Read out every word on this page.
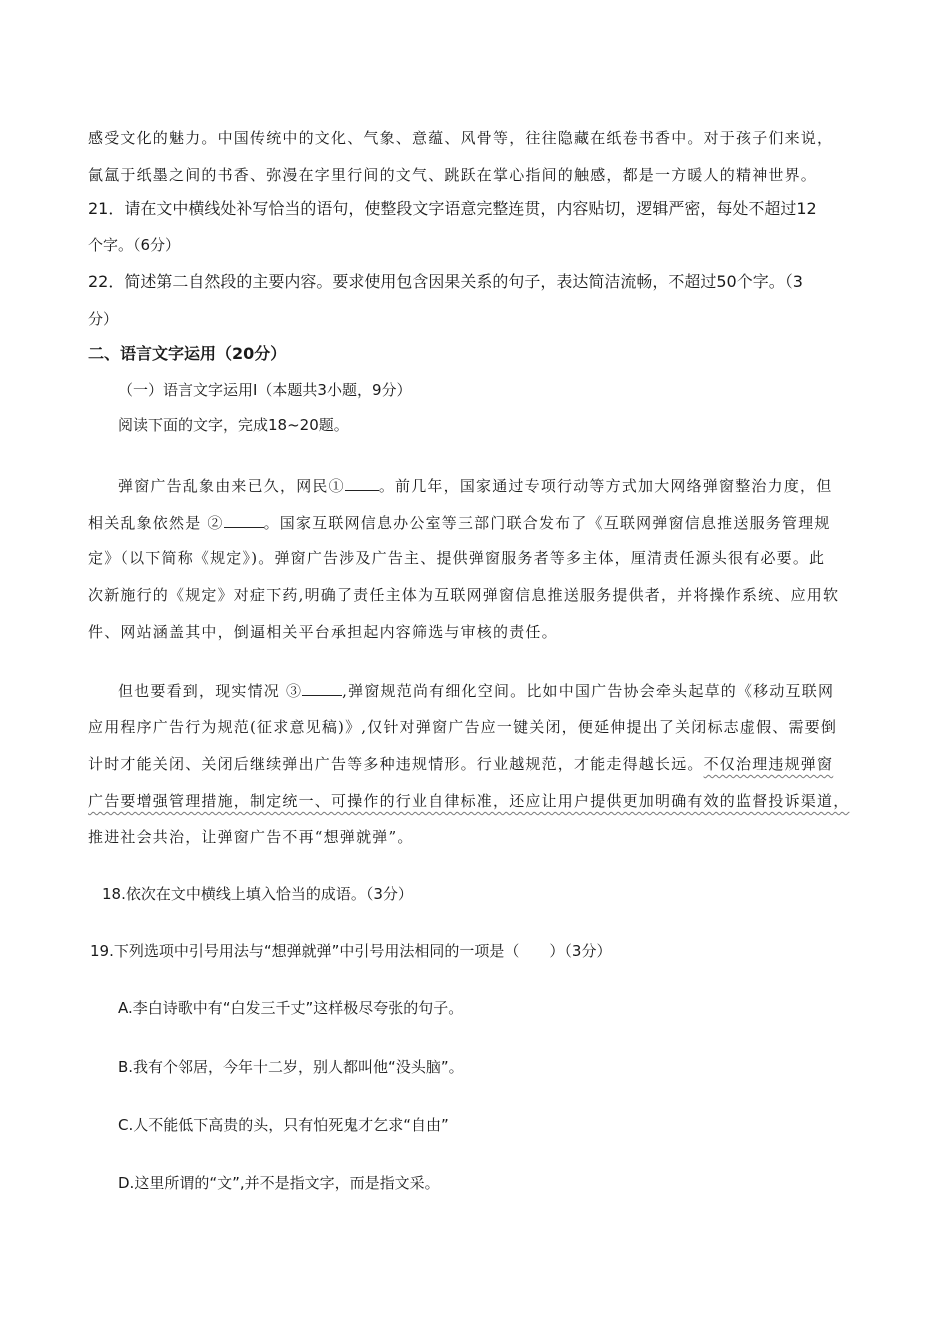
感受文化的魅力。中国传统中的文化、气象、意蕴、风骨等，往往隐藏在纸卷书香中。对于孩子们来说，
氤氲于纸墨之间的书香、弥漫在字里行间的文气、跳跃在掌心指间的触感，都是一方暖人的精神世界。
21．请在文中横线处补写恰当的语句，使整段文字语意完整连贯，内容贴切，逻辑严密，每处不超过12
个字。（6分）
22．简述第二自然段的主要内容。要求使用包含因果关系的句子，表达简洁流畅，不超过50个字。（3
分）
二、语言文字运用（20分）
（一）语言文字运用Ⅰ（本题共3小题，9分）
阅读下面的文字，完成18~20题。
弹窗广告乱象由来已久，网民① 。前几年，国家通过专项行动等方式加大网络弹窗整治力度，但
相关乱象依然是 ②	。国家互联网信息办公室等三部门联合发布了《互联网弹窗信息推送服务管理规
定》（以下简称《规定》)。弹窗广告涉及广告主、提供弹窗服务者等多主体，厘清责任源头很有必要。此
次新施行的《规定》对症下药,明确了责任主体为互联网弹窗信息推送服务提供者，并将操作系统、应用软
件、网站涵盖其中，倒逼相关平台承担起内容筛选与审核的责任。
但也要看到，现实情况 ③	,弹窗规范尚有细化空间。比如中国广告协会牵头起草的《移动互联网
应用程序广告行为规范(征求意见稿)》,仅针对弹窗广告应一键关闭，便延伸提出了关闭标志虚假、需要倒
计时才能关闭、关闭后继续弹出广告等多种违规情形。行业越规范，才能走得越长远。不仅治理违规弹窗
广告要增强管理措施，制定统一、可操作的行业自律标准，还应让用户提供更加明确有效的监督投诉渠道，
推进社会共治，让弹窗广告不再“想弹就弹”。
18.依次在文中横线上填入恰当的成语。（3分）
19.下列选项中引号用法与“想弹就弹”中引号用法相同的一项是（　　）（3分）
A.李白诗歌中有“白发三千丈”这样极尽夸张的句子。
B.我有个邻居，今年十二岁，别人都叫他“没头脑”。
C.人不能低下高贵的头，只有怕死鬼才乞求“自由”
D.这里所谓的“文”,并不是指文字，而是指文采。
